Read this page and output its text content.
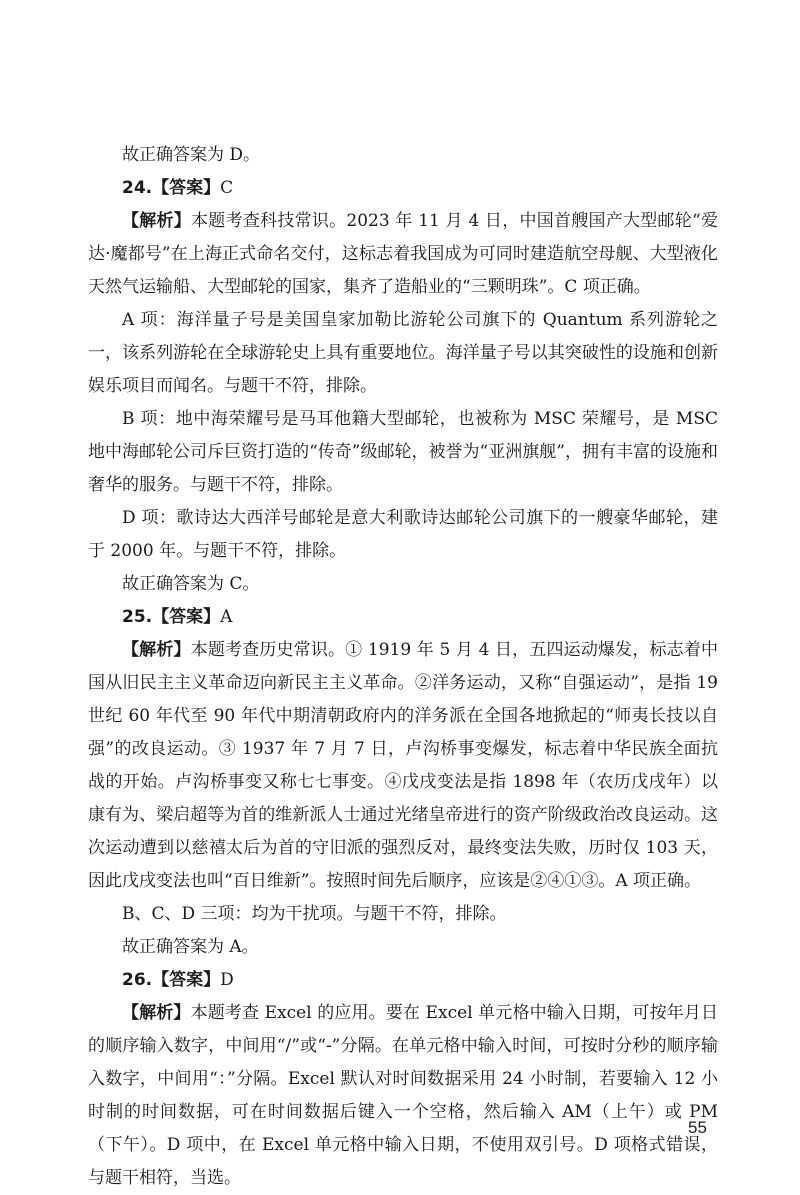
故正确答案为 D。

24.【答案】C

【解析】本题考查科技常识。2023 年 11 月 4 日，中国首艘国产大型邮轮“爱达·魔都号”在上海正式命名交付，这标志着我国成为可同时建造航空母舰、大型液化天然气运输船、大型邮轮的国家，集齐了造船业的“三颗明珠”。C 项正确。

A 项：海洋量子号是美国皇家加勒比游轮公司旗下的 Quantum 系列游轮之一，该系列游轮在全球游轮史上具有重要地位。海洋量子号以其突破性的设施和创新娱乐项目而闻名。与题干不符，排除。

B 项：地中海荣耀号是马耳他籍大型邮轮，也被称为 MSC 荣耀号，是 MSC 地中海邮轮公司斥巨资打造的“传奇”级邮轮，被誉为“亚洲旗舰”，拥有丰富的设施和奢华的服务。与题干不符，排除。

D 项：歌诗达大西洋号邮轮是意大利歌诗达邮轮公司旗下的一艘豪华邮轮，建于 2000 年。与题干不符，排除。

故正确答案为 C。

25.【答案】A

【解析】本题考查历史常识。① 1919 年 5 月 4 日，五四运动爆发，标志着中国从旧民主主义革命迈向新民主主义革命。②洋务运动，又称“自强运动”，是指 19 世纪 60 年代至 90 年代中期清朝政府内的洋务派在全国各地掀起的“师夷长技以自强”的改良运动。③ 1937 年 7 月 7 日，卢沟桥事变爆发，标志着中华民族全面抗战的开始。卢沟桥事变又称七七事变。④戊戌变法是指 1898 年（农历戊戌年）以康有为、梁启超等为首的维新派人士通过光绪皇帝进行的资产阶级政治改良运动。这次运动遭到以慈禧太后为首的守旧派的强烈反对，最终变法失败，历时仅 103 天，因此戊戌变法也叫“百日维新”。按照时间先后顺序，应该是②④①③。A 项正确。

B、C、D 三项：均为干扰项。与题干不符，排除。

故正确答案为 A。

26.【答案】D

【解析】本题考查 Excel 的应用。要在 Excel 单元格中输入日期，可按年月日的顺序输入数字，中间用“/”或“-”分隔。在单元格中输入时间，可按时分秒的顺序输入数字，中间用“：”分隔。Excel 默认对时间数据采用 24 小时制，若要输入 12 小时制的时间数据，可在时间数据后键入一个空格，然后输入 AM（上午）或 PM（下午）。D 项中，在 Excel 单元格中输入日期，不使用双引号。D 项格式错误，与题干相符，当选。

55
